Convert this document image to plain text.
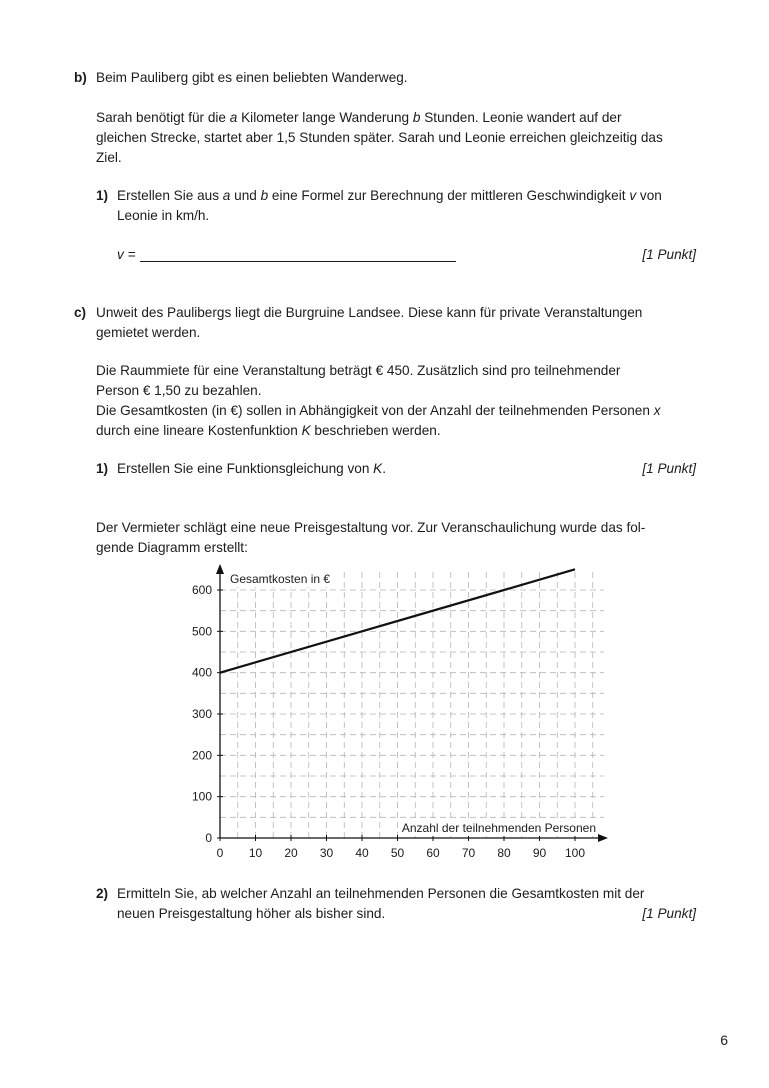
b) Beim Pauliberg gibt es einen beliebten Wanderweg.
Sarah benötigt für die a Kilometer lange Wanderung b Stunden. Leonie wandert auf der
gleichen Strecke, startet aber 1,5 Stunden später. Sarah und Leonie erreichen gleichzeitig das
Ziel.
1) Erstellen Sie aus a und b eine Formel zur Berechnung der mittleren Geschwindigkeit v von
Leonie in km/h.
v =	[1 Punkt]
c) Unweit des Paulibergs liegt die Burgruine Landsee. Diese kann für private Veranstaltungen
gemietet werden.
Die Raummiete für eine Veranstaltung beträgt € 450. Zusätzlich sind pro teilnehmender
Person € 1,50 zu bezahlen.
Die Gesamtkosten (in €) sollen in Abhängigkeit von der Anzahl der teilnehmenden Personen x
durch eine lineare Kostenfunktion K beschrieben werden.
1) Erstellen Sie eine Funktionsgleichung von K.	[1 Punkt]
Der Vermieter schlägt eine neue Preisgestaltung vor. Zur Veranschaulichung wurde das fol-
gende Diagramm erstellt:
0 10 20 30 40 50 60 70 80 90 100
0
100
200
300
400
500
600
Gesamtkosten in €
Anzahl der teilnehmenden Personen
2) Ermitteln Sie, ab welcher Anzahl an teilnehmenden Personen die Gesamtkosten mit der
neuen Preisgestaltung höher als bisher sind.	[1 Punkt]
6
